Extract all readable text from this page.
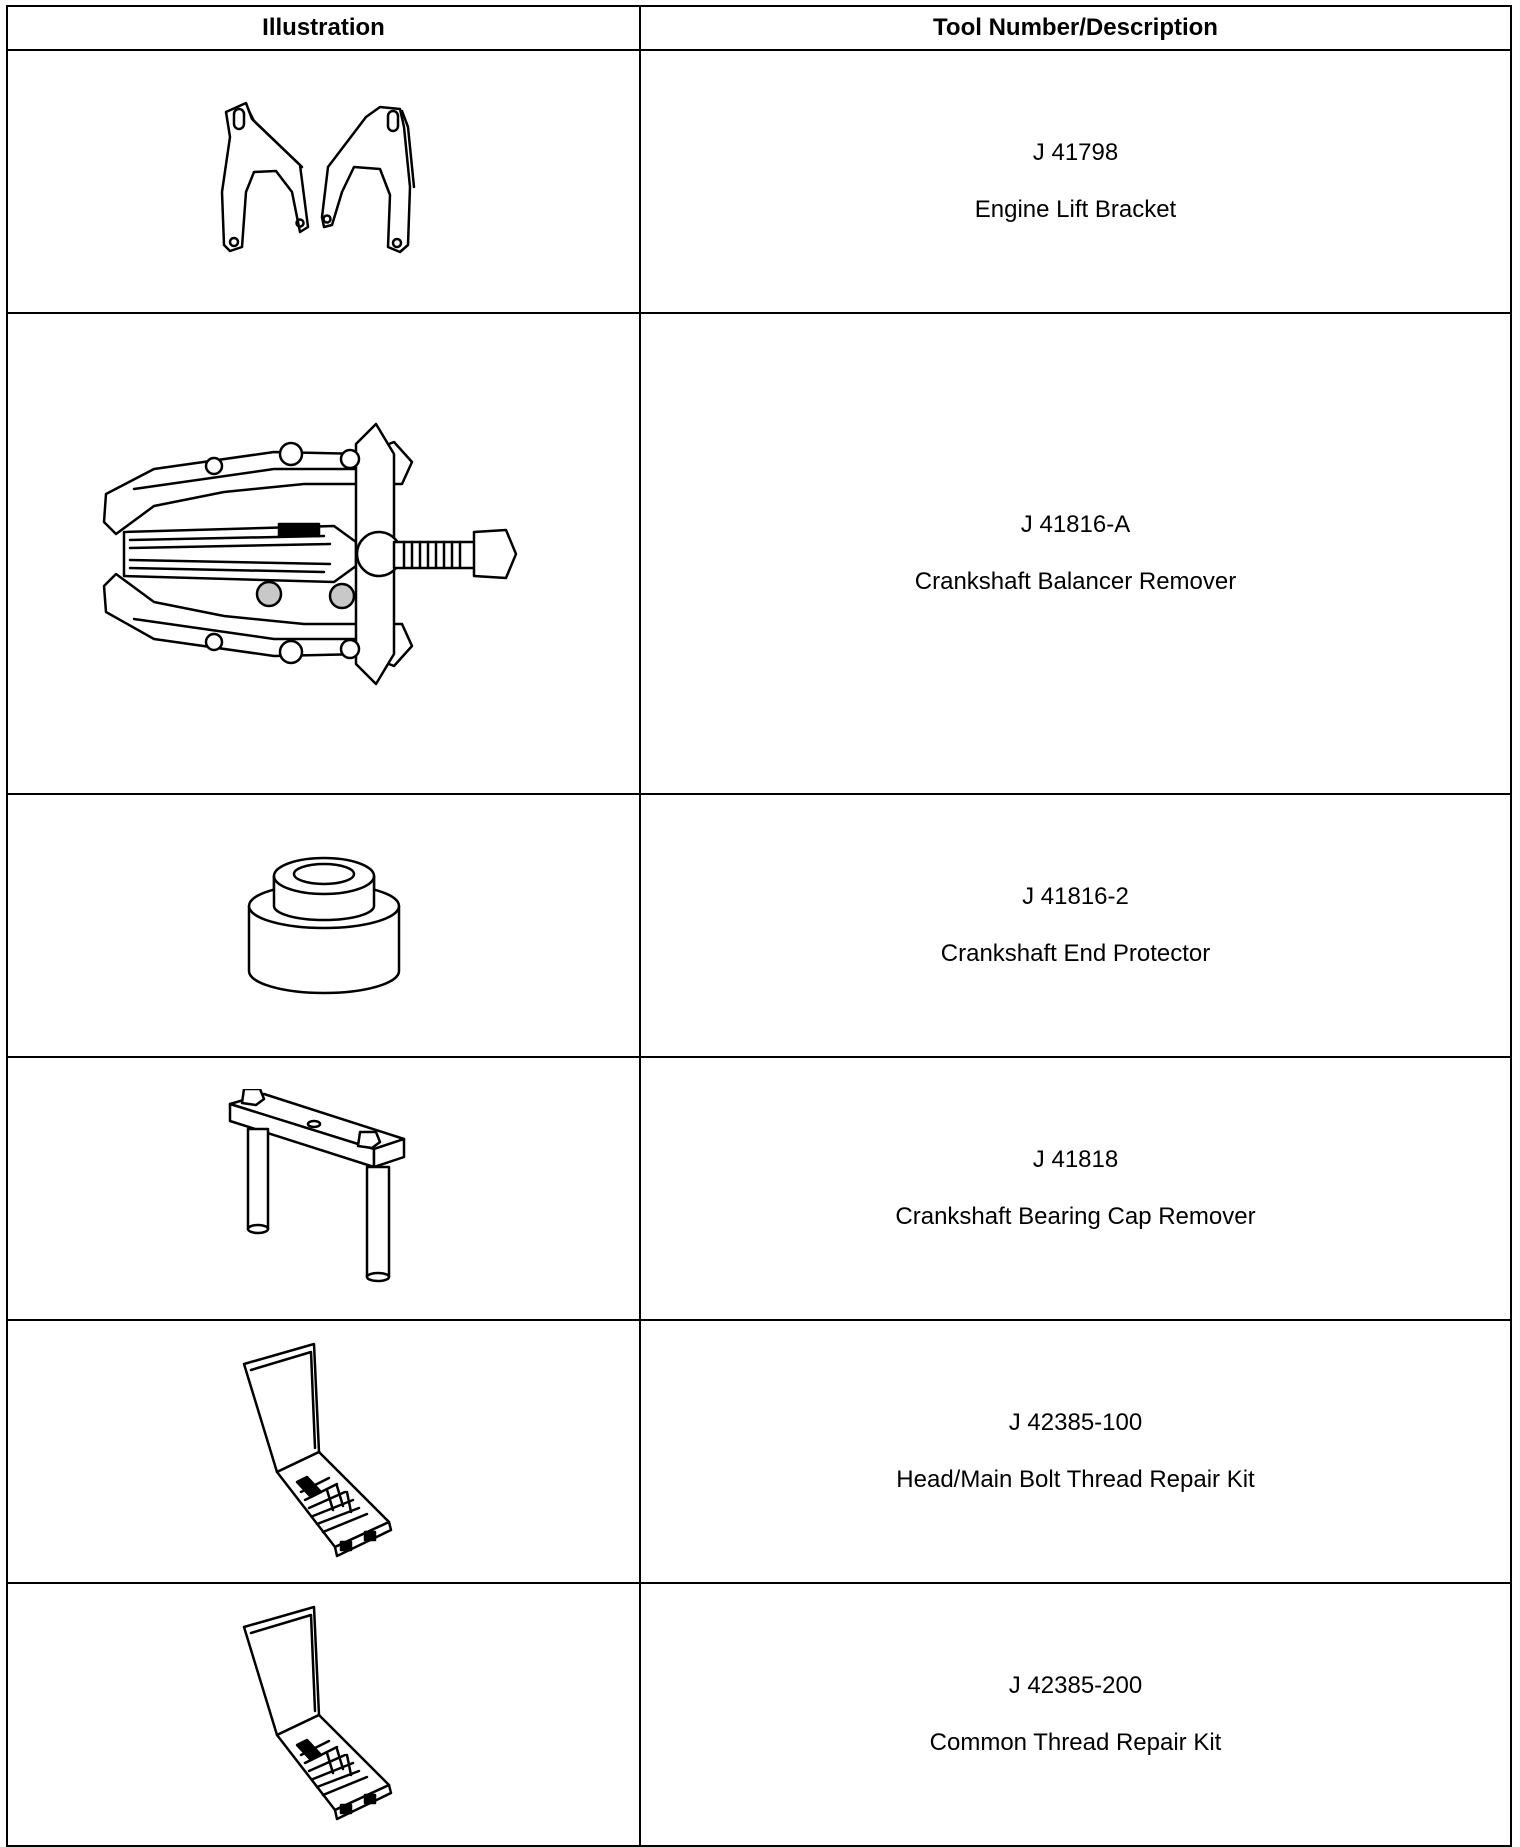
Illustration	Tool Number/Description

J 41798
Engine Lift Bracket

J 41816-A
Crankshaft Balancer Remover

J 41816-2
Crankshaft End Protector

J 41818
Crankshaft Bearing Cap Remover

J 42385-100
Head/Main Bolt Thread Repair Kit

J 42385-200
Common Thread Repair Kit
